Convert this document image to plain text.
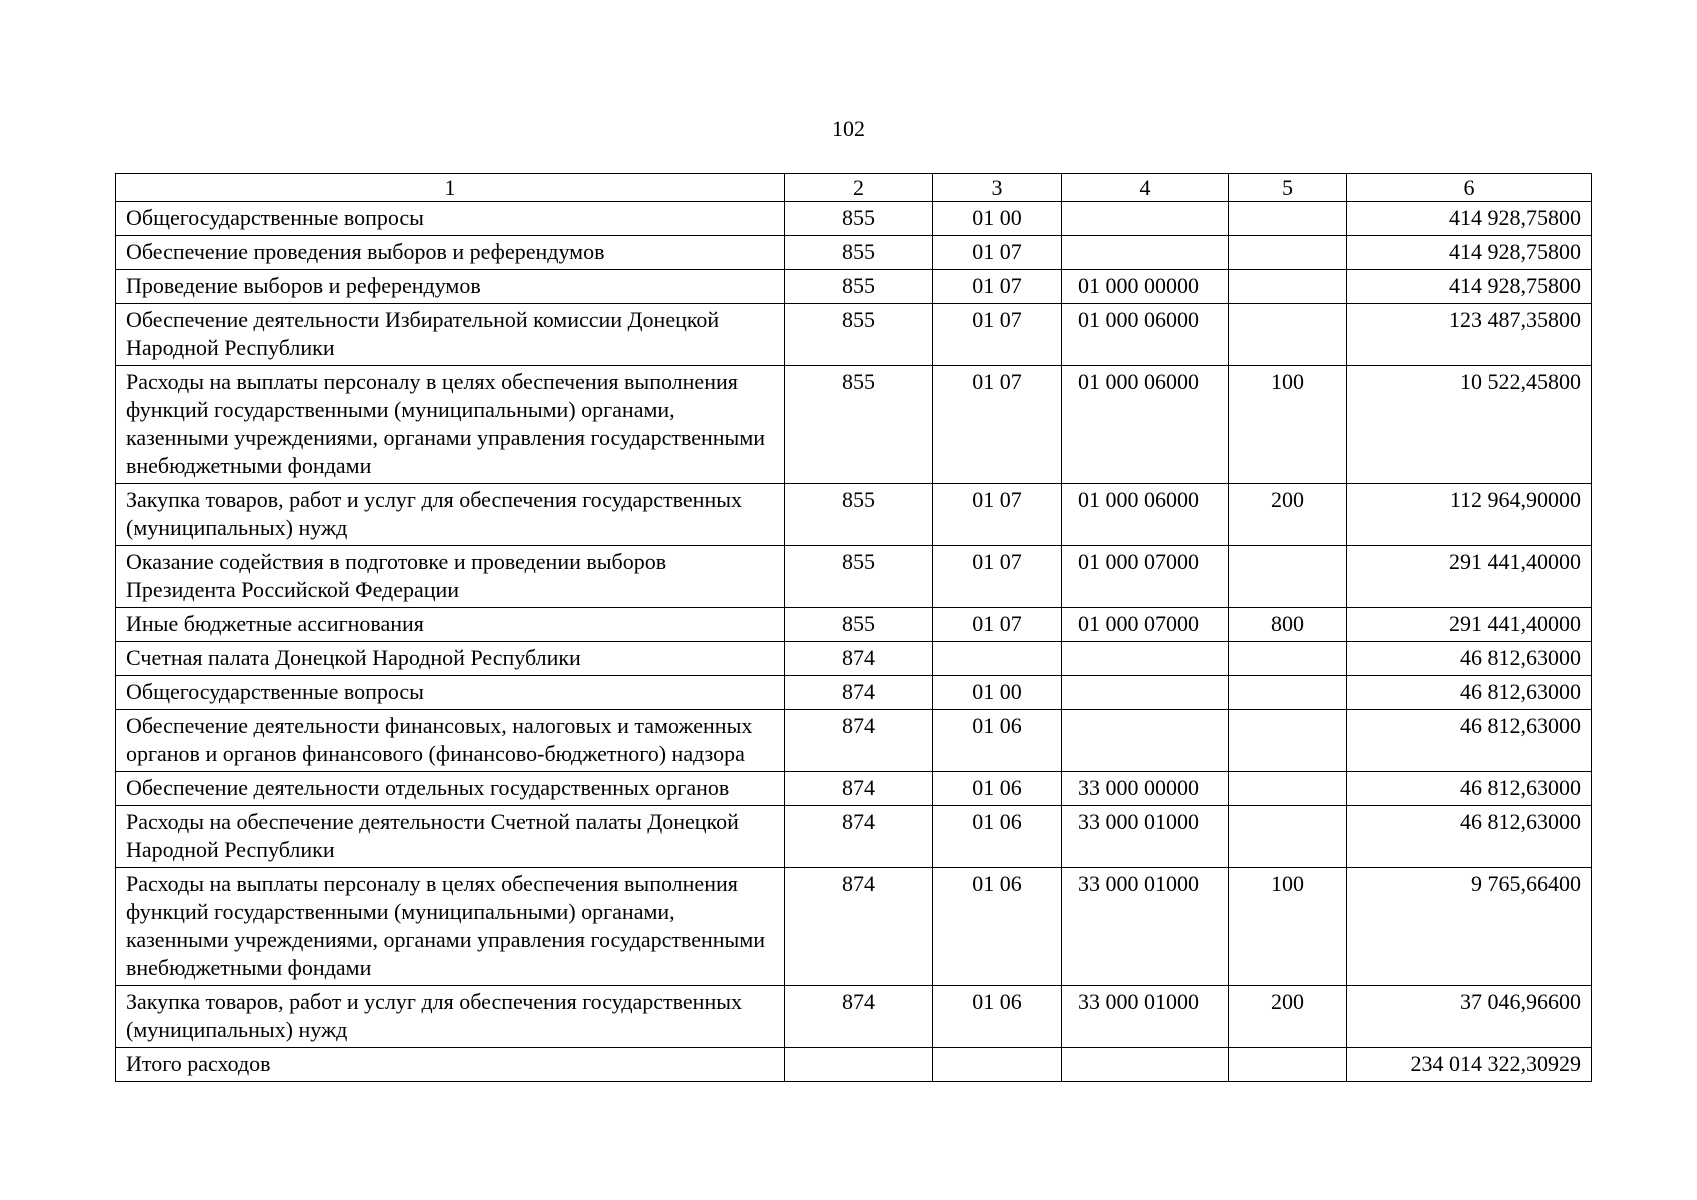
102
1	2	3	4	5	6
Общегосударственные вопросы	855	01 00			414 928,75800
Обеспечение проведения выборов и референдумов	855	01 07			414 928,75800
Проведение выборов и референдумов	855	01 07	01 000 00000		414 928,75800
Обеспечение деятельности Избирательной комиссии Донецкой Народной Республики	855	01 07	01 000 06000		123 487,35800
Расходы на выплаты персоналу в целях обеспечения выполнения функций государственными (муниципальными) органами, казенными учреждениями, органами управления государственными внебюджетными фондами	855	01 07	01 000 06000	100	10 522,45800
Закупка товаров, работ и услуг для обеспечения государственных (муниципальных) нужд	855	01 07	01 000 06000	200	112 964,90000
Оказание содействия в подготовке и проведении выборов Президента Российской Федерации	855	01 07	01 000 07000		291 441,40000
Иные бюджетные ассигнования	855	01 07	01 000 07000	800	291 441,40000
Счетная палата Донецкой Народной Республики	874				46 812,63000
Общегосударственные вопросы	874	01 00			46 812,63000
Обеспечение деятельности финансовых, налоговых и таможенных органов и органов финансового (финансово-бюджетного) надзора	874	01 06			46 812,63000
Обеспечение деятельности отдельных государственных органов	874	01 06	33 000 00000		46 812,63000
Расходы на обеспечение деятельности Счетной палаты Донецкой Народной Республики	874	01 06	33 000 01000		46 812,63000
Расходы на выплаты персоналу в целях обеспечения выполнения функций государственными (муниципальными) органами, казенными учреждениями, органами управления государственными внебюджетными фондами	874	01 06	33 000 01000	100	9 765,66400
Закупка товаров, работ и услуг для обеспечения государственных (муниципальных) нужд	874	01 06	33 000 01000	200	37 046,96600
Итого расходов					234 014 322,30929
